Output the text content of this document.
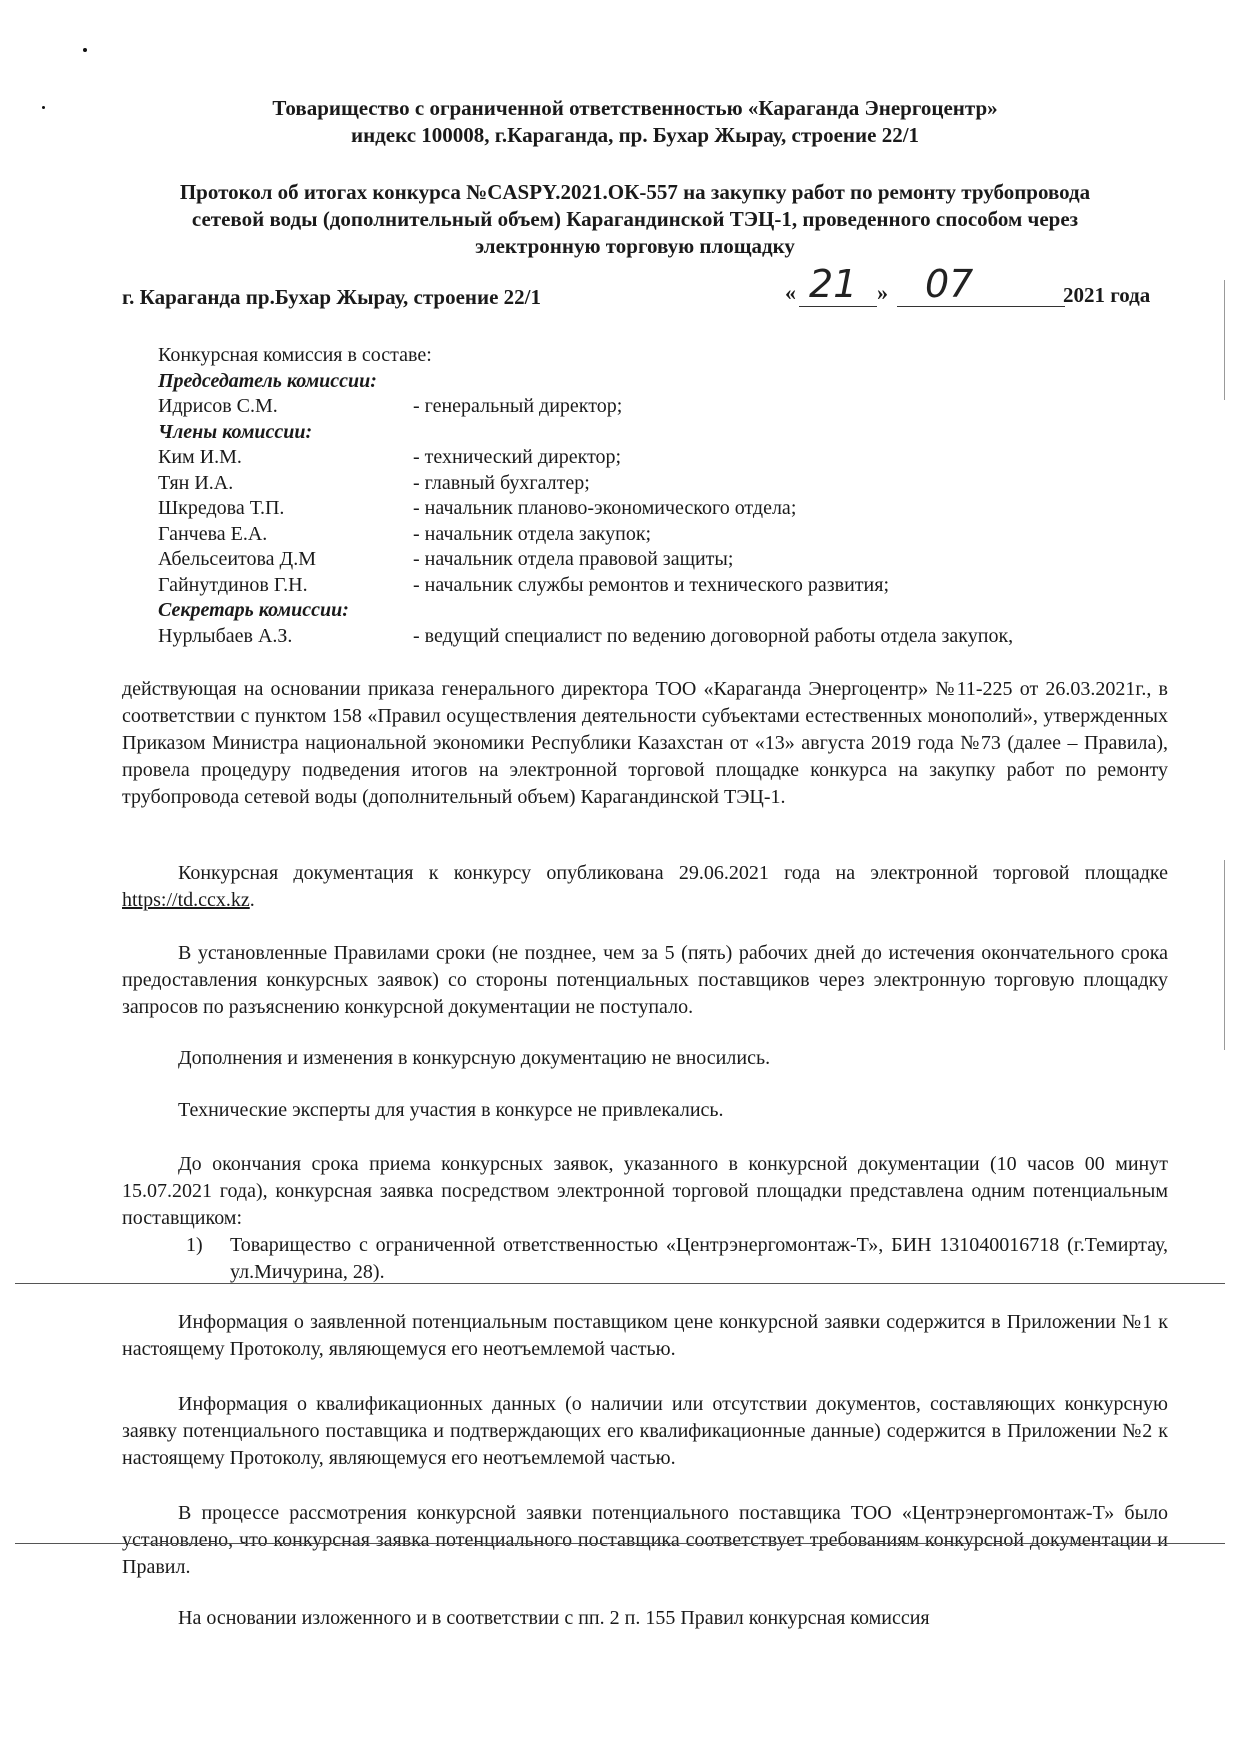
Товарищество с ограниченной ответственностью «Караганда Энергоцентр»
индекс 100008, г.Караганда, пр. Бухар Жырау, строение 22/1
Протокол об итогах конкурса №CASPY.2021.ОК-557 на закупку работ по ремонту трубопровода
сетевой воды (дополнительный объем) Карагандинской ТЭЦ-1, проведенного способом через
электронную торговую площадку
г. Караганда пр.Бухар Жырау, строение 22/1	« 21 » 07	2021 года
Конкурсная комиссия в составе:
Председатель комиссии:
Идрисов С.М.	- генеральный директор;
Члены комиссии:
Ким И.М.	- технический директор;
Тян И.А.	- главный бухгалтер;
Шкредова Т.П.	- начальник планово-экономического отдела;
Ганчева Е.А.	- начальник отдела закупок;
Абельсеитова Д.М	- начальник отдела правовой защиты;
Гайнутдинов Г.Н.	- начальник службы ремонтов и технического развития;
Секретарь комиссии:
Нурлыбаев А.З.	- ведущий специалист по ведению договорной работы отдела закупок,
действующая на основании приказа генерального директора ТОО «Караганда Энергоцентр» №11-225 от 26.03.2021г., в соответствии с пунктом 158 «Правил осуществления деятельности субъектами естественных монополий», утвержденных Приказом Министра национальной экономики Республики Казахстан от «13» августа 2019 года №73 (далее – Правила), провела процедуру подведения итогов на электронной торговой площадке конкурса на закупку работ по ремонту трубопровода сетевой воды (дополнительный объем) Карагандинской ТЭЦ-1.
Конкурсная документация к конкурсу опубликована 29.06.2021 года на электронной торговой площадке https://td.ccx.kz.
В установленные Правилами сроки (не позднее, чем за 5 (пять) рабочих дней до истечения окончательного срока предоставления конкурсных заявок) со стороны потенциальных поставщиков через электронную торговую площадку запросов по разъяснению конкурсной документации не поступало.
Дополнения и изменения в конкурсную документацию не вносились.
Технические эксперты для участия в конкурсе не привлекались.
До окончания срока приема конкурсных заявок, указанного в конкурсной документации (10 часов 00 минут 15.07.2021 года), конкурсная заявка посредством электронной торговой площадки представлена одним потенциальным поставщиком:
1)	Товарищество с ограниченной ответственностью «Центрэнергомонтаж-Т», БИН 131040016718 (г.Темиртау, ул.Мичурина, 28).
Информация о заявленной потенциальным поставщиком цене конкурсной заявки содержится в Приложении №1 к настоящему Протоколу, являющемуся его неотъемлемой частью.
Информация о квалификационных данных (о наличии или отсутствии документов, составляющих конкурсную заявку потенциального поставщика и подтверждающих его квалификационные данные) содержится в Приложении №2 к настоящему Протоколу, являющемуся его неотъемлемой частью.
В процессе рассмотрения конкурсной заявки потенциального поставщика ТОО «Центрэнергомонтаж-Т» было установлено, что конкурсная заявка потенциального поставщика соответствует требованиям конкурсной документации и Правил.
На основании изложенного и в соответствии с пп. 2 п. 155 Правил конкурсная комиссия
